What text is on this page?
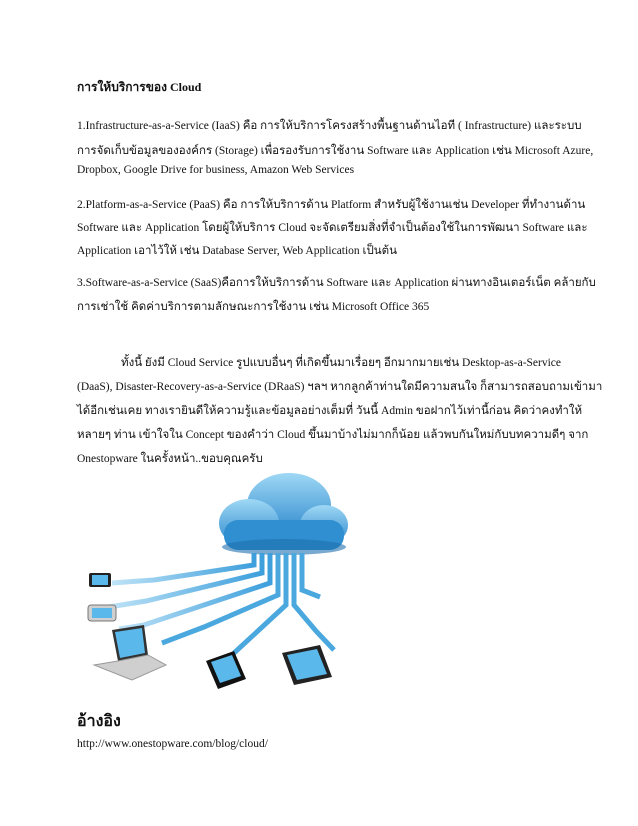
การให้บริการของ Cloud
1.Infrastructure-as-a-Service (IaaS) คือ การให้บริการโครงสร้างพื้นฐานด้านไอที ( Infrastructure) และระบบ
การจัดเก็บข้อมูลขององค์กร (Storage) เพื่อรองรับการใช้งาน Software และ Application เช่น Microsoft Azure,
Dropbox, Google Drive for business, Amazon Web Services
2.Platform-as-a-Service (PaaS) คือ การให้บริการด้าน Platform สำหรับผู้ใช้งานเช่น Developer ที่ทำงานด้าน
Software และ Application โดยผู้ให้บริการ Cloud จะจัดเตรียมสิ่งที่จำเป็นต้องใช้ในการพัฒนา Software และ
Application เอาไว้ให้ เช่น Database Server, Web Application เป็นต้น
3.Software-as-a-Service (SaaS)คือการให้บริการด้าน Software และ Application ผ่านทางอินเตอร์เน็ต คล้ายกับ
การเช่าใช้ คิดค่าบริการตามลักษณะการใช้งาน เช่น Microsoft Office 365
ทั้งนี้ ยังมี Cloud Service รูปแบบอื่นๆ ที่เกิดขึ้นมาเรื่อยๆ อีกมากมายเช่น Desktop-as-a-Service
(DaaS), Disaster-Recovery-as-a-Service (DRaaS) ฯลฯ หากลูกค้าท่านใดมีความสนใจ ก็สามารถสอบถามเข้ามา
ได้อีกเช่นเคย ทางเรายินดีให้ความรู้และข้อมูลอย่างเต็มที่ วันนี้ Admin ขอฝากไว้เท่านี้ก่อน คิดว่าคงทำให้
หลายๆ ท่าน เข้าใจใน Concept ของคำว่า Cloud ขึ้นมาบ้างไม่มากก็น้อย แล้วพบกันใหม่กับบทความดีๆ จาก
Onestopware ในครั้งหน้า..ขอบคุณครับ
อ้างอิง
http://www.onestopware.com/blog/cloud/
